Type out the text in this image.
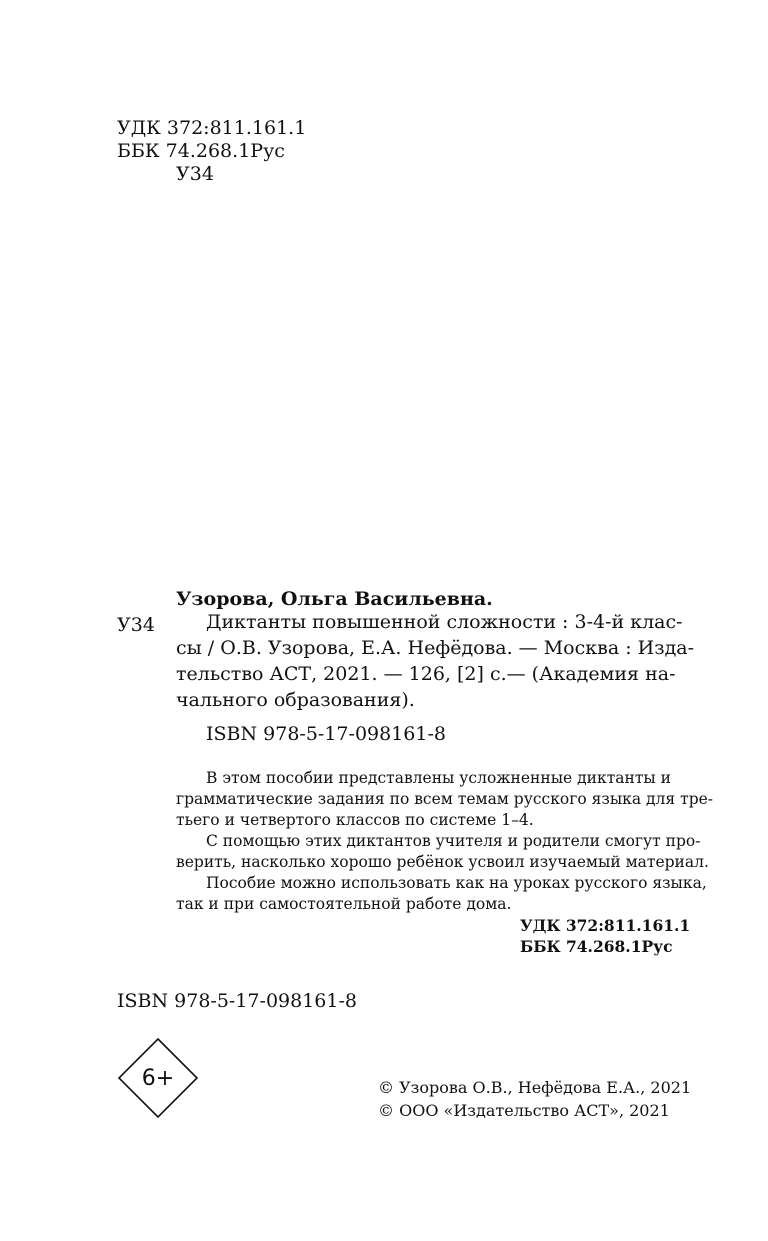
УДК 372:811.161.1
ББК 74.268.1Рус
У34
Узорова, Ольга Васильевна.
У34	Диктанты повышенной сложности : 3-4-й клас-
сы / О.В. Узорова, Е.А. Нефёдова. — Москва : Изда-
тельство АСТ, 2021. — 126, [2] с.— (Академия на-
чального образования).
ISBN 978-5-17-098161-8
В этом пособии представлены усложненные диктанты и
грамматические задания по всем темам русского языка для тре-
тьего и четвертого классов по системе 1–4.
С помощью этих диктантов учителя и родители смогут про-
верить, насколько хорошо ребёнок усвоил изучаемый материал.
Пособие можно использовать как на уроках русского языка,
так и при самостоятельной работе дома.
УДК 372:811.161.1
ББК 74.268.1Рус
ISBN 978-5-17-098161-8
6+	© Узорова О.В., Нефёдова Е.А., 2021
© ООО «Издательство АСТ», 2021
